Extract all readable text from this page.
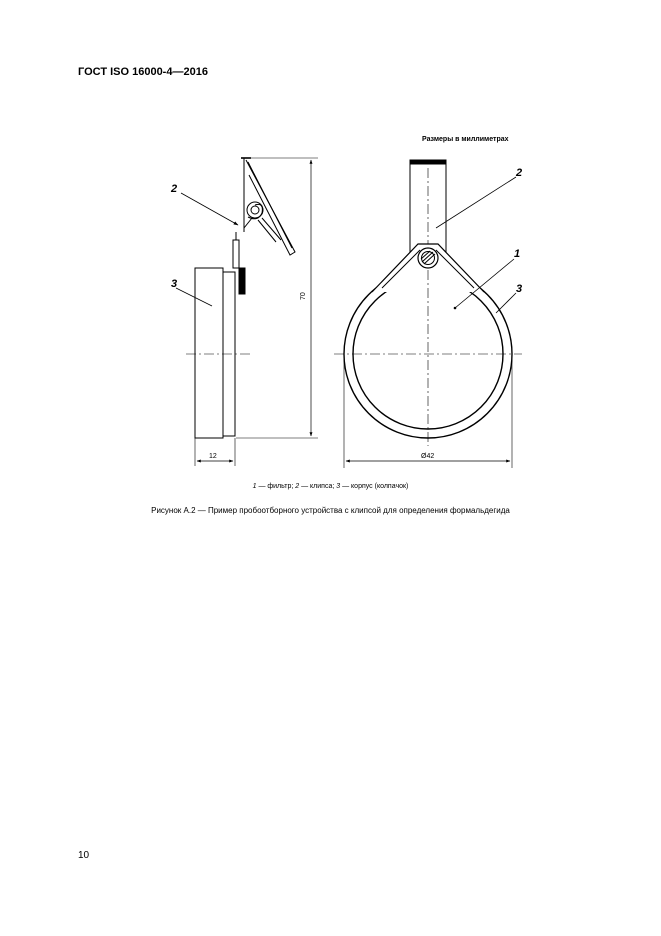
ГОСТ ISO 16000-4—2016
Размеры в миллиметрах
2
3
70
12
2
1
3
Ø42
1 — фильтр; 2 — клипса; 3 — корпус (колпачок)
Рисунок А.2 — Пример пробоотборного устройства с клипсой для определения формальдегида
10
